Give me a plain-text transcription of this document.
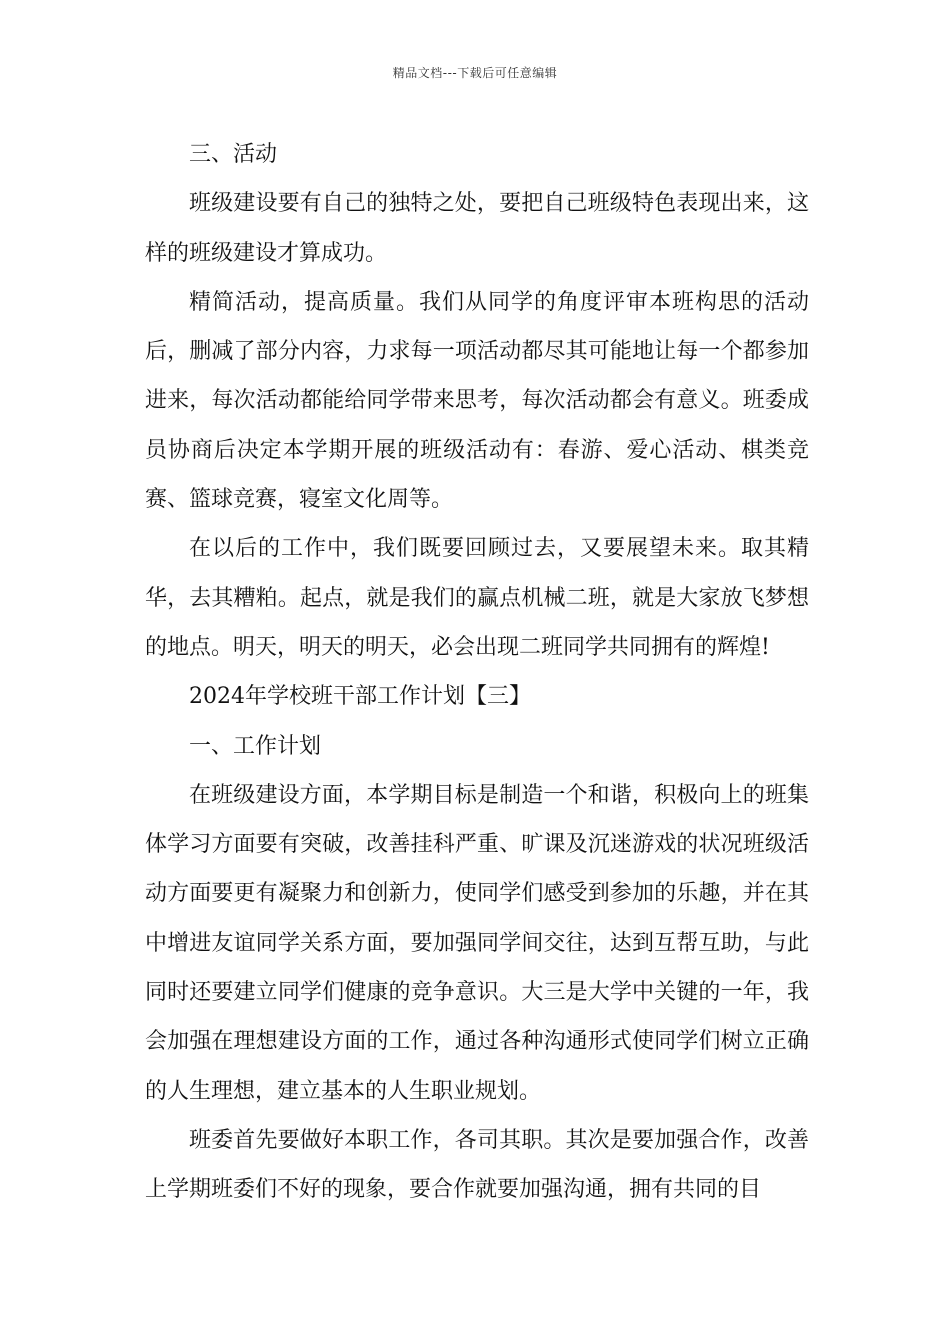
精品文档---下载后可任意编辑

三、活动

班级建设要有自己的独特之处，要把自己班级特色表现出来，这样的班级建设才算成功。

精简活动，提高质量。我们从同学的角度评审本班构思的活动后，删减了部分内容，力求每一项活动都尽其可能地让每一个都参加进来，每次活动都能给同学带来思考，每次活动都会有意义。班委成员协商后决定本学期开展的班级活动有：春游、爱心活动、棋类竞赛、篮球竞赛，寝室文化周等。

在以后的工作中，我们既要回顾过去，又要展望未来。取其精华，去其糟粕。起点，就是我们的赢点机械二班，就是大家放飞梦想的地点。明天，明天的明天，必会出现二班同学共同拥有的辉煌!

2024年学校班干部工作计划【三】

一、工作计划

在班级建设方面，本学期目标是制造一个和谐，积极向上的班集体学习方面要有突破，改善挂科严重、旷课及沉迷游戏的状况班级活动方面要更有凝聚力和创新力，使同学们感受到参加的乐趣，并在其中增进友谊同学关系方面，要加强同学间交往，达到互帮互助，与此同时还要建立同学们健康的竞争意识。大三是大学中关键的一年，我会加强在理想建设方面的工作，通过各种沟通形式使同学们树立正确的人生理想，建立基本的人生职业规划。

班委首先要做好本职工作，各司其职。其次是要加强合作，改善上学期班委们不好的现象，要合作就要加强沟通，拥有共同的目
